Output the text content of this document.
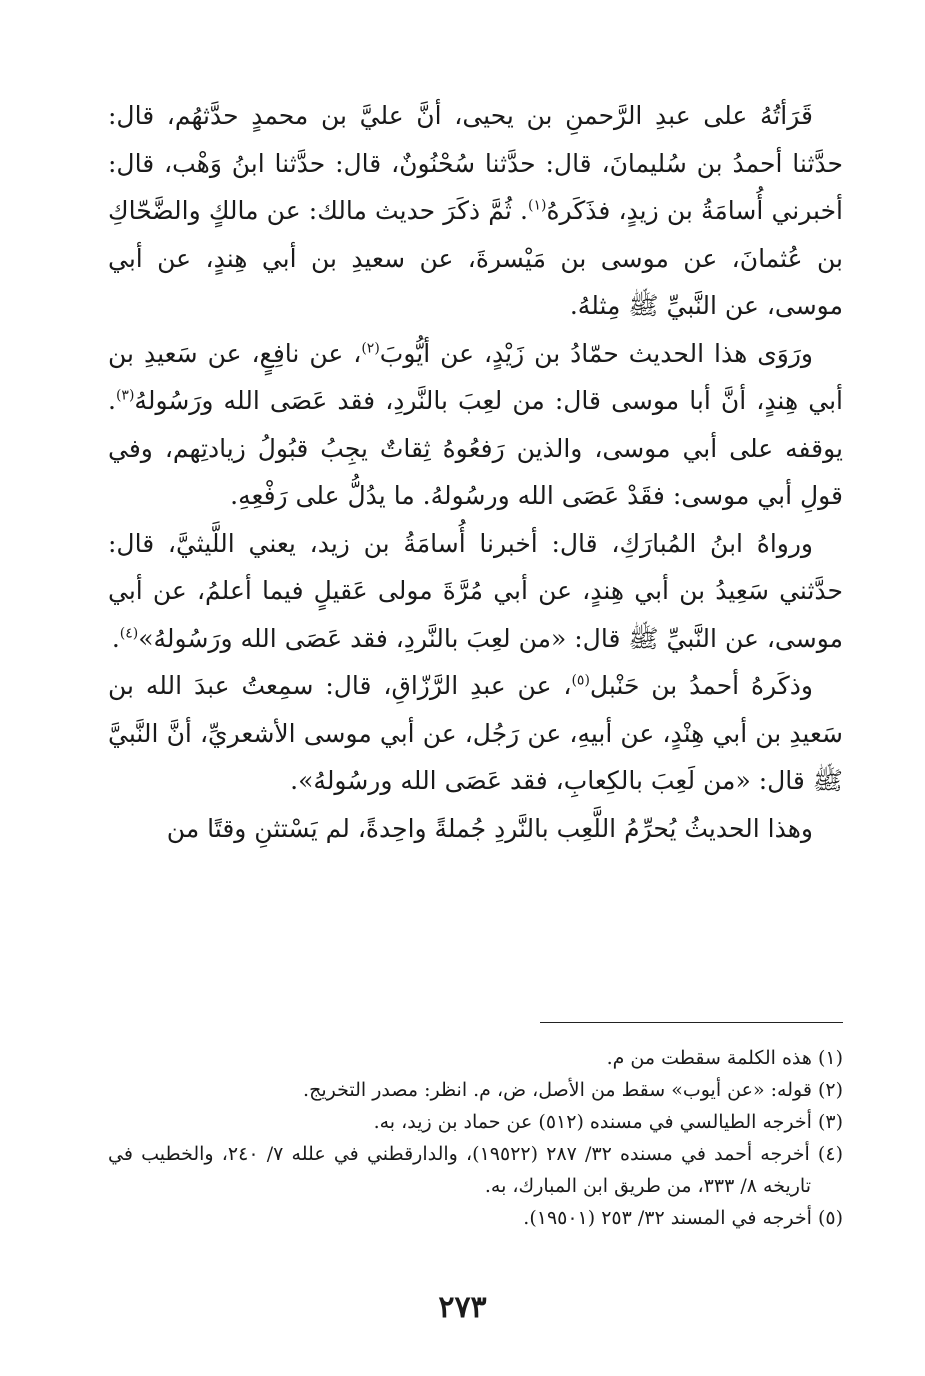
قَرَأتُهُ على عبدِ الرَّحمنِ بن يحيى، أنَّ عليَّ بن محمدٍ حدَّثهُم، قال: حدَّثنا أحمدُ بن سُليمانَ، قال: حدَّثنا سُحْنُونٌ، قال: حدَّثنا ابنُ وَهْب، قال: أخبرني أُسامَةُ بن زيدٍ، فذَكَرهُ$^{(١)}$. ثُمَّ ذكَرَ حديث مالك: عن مالكٍ والضَّحّاكِ بن عُثمانَ، عن موسى بن مَيْسرةَ، عن سعيدِ بن أبي هِندٍ، عن أبي موسى، عن النَّبيِّ ﷺ مِثلهُ.

ورَوَى هذا الحديث حمّادُ بن زَيْدٍ، عن أيُّوبَ$^{(٢)}$، عن نافِعٍ، عن سَعيدِ بن أبي هِندٍ، أنَّ أبا موسى قال: من لعِبَ بالنَّردِ، فقد عَصَى الله ورَسُولهُ$^{(٣)}$. يوقفه على أبي موسى، والذين رَفعُوهُ ثِقاتٌ يجِبُ قبُولُ زيادتِهم، وفي قولِ أبي موسى: فقَدْ عَصَى الله ورسُولهُ. ما يدُلُّ على رَفْعِهِ.

ورواهُ ابنُ المُبارَكِ، قال: أخبرنا أُسامَةُ بن زيد، يعني اللَّيثيَّ، قال: حدَّثني سَعِيدُ بن أبي هِندٍ، عن أبي مُرَّةَ مولى عَقيلٍ فيما أعلمُ، عن أبي موسى، عن النَّبيِّ ﷺ قال: «من لعِبَ بالنَّردِ، فقد عَصَى الله ورَسُولهُ»$^{(٤)}$.

وذكَرهُ أحمدُ بن حَنْبل$^{(٥)}$، عن عبدِ الرَّزّاقِ، قال: سمِعتُ عبدَ الله بن سَعيدِ بن أبي هِنْدٍ، عن أبيهِ، عن رَجُل، عن أبي موسى الأشعريِّ، أنَّ النَّبيَّ ﷺ قال: «من لَعِبَ بالكِعابِ، فقد عَصَى الله ورسُولهُ».

وهذا الحديثُ يُحرِّمُ اللَّعِب بالنَّردِ جُملةً واحِدةً، لم يَسْتثنِ وقتًا من

(١) هذه الكلمة سقطت من م.

(٢) قوله: «عن أيوب» سقط من الأصل، ض، م. انظر: مصدر التخريج.

(٣) أخرجه الطيالسي في مسنده (٥١٢) عن حماد بن زيد، به.

(٤) أخرجه أحمد في مسنده ٣٢/ ٢٨٧ (١٩٥٢٢)، والدارقطني في علله ٧/ ٢٤٠، والخطيب في تاريخه ٨/ ٣٣٣، من طريق ابن المبارك، به.

(٥) أخرجه في المسند ٣٢/ ٢٥٣ (١٩٥٠١).

٢٧٣
